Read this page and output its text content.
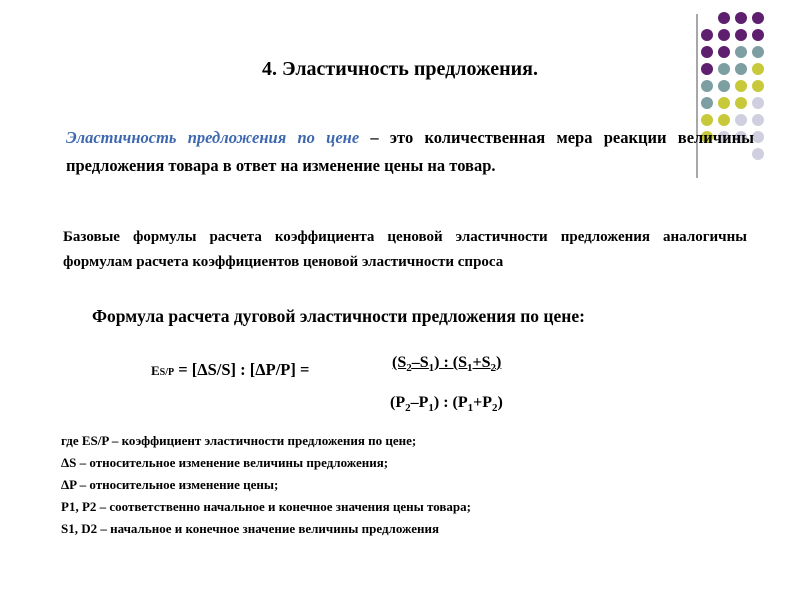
4. Эластичность предложения.
Эластичность предложения по цене – это количественная мера реакции величины предложения товара в ответ на изменение цены на товар.
Базовые формулы расчета коэффициента ценовой эластичности предложения аналогичны формулам расчета коэффициентов ценовой эластичности спроса
Формула расчета дуговой эластичности предложения по цене:
ES/P = [ΔS/S] : [ΔP/P] =	$(S_2-S_1)$ : $(S_1+S_2)$
$(P_2-P_1)$ : $(P_1+P_2)$
где ES/P – коэффициент эластичности предложения по цене;
ΔS – относительное изменение величины предложения;
ΔP – относительное изменение цены;
P1, P2 – соответственно начальное и конечное значения цены товара;
S1, D2 – начальное и конечное значение величины предложения
